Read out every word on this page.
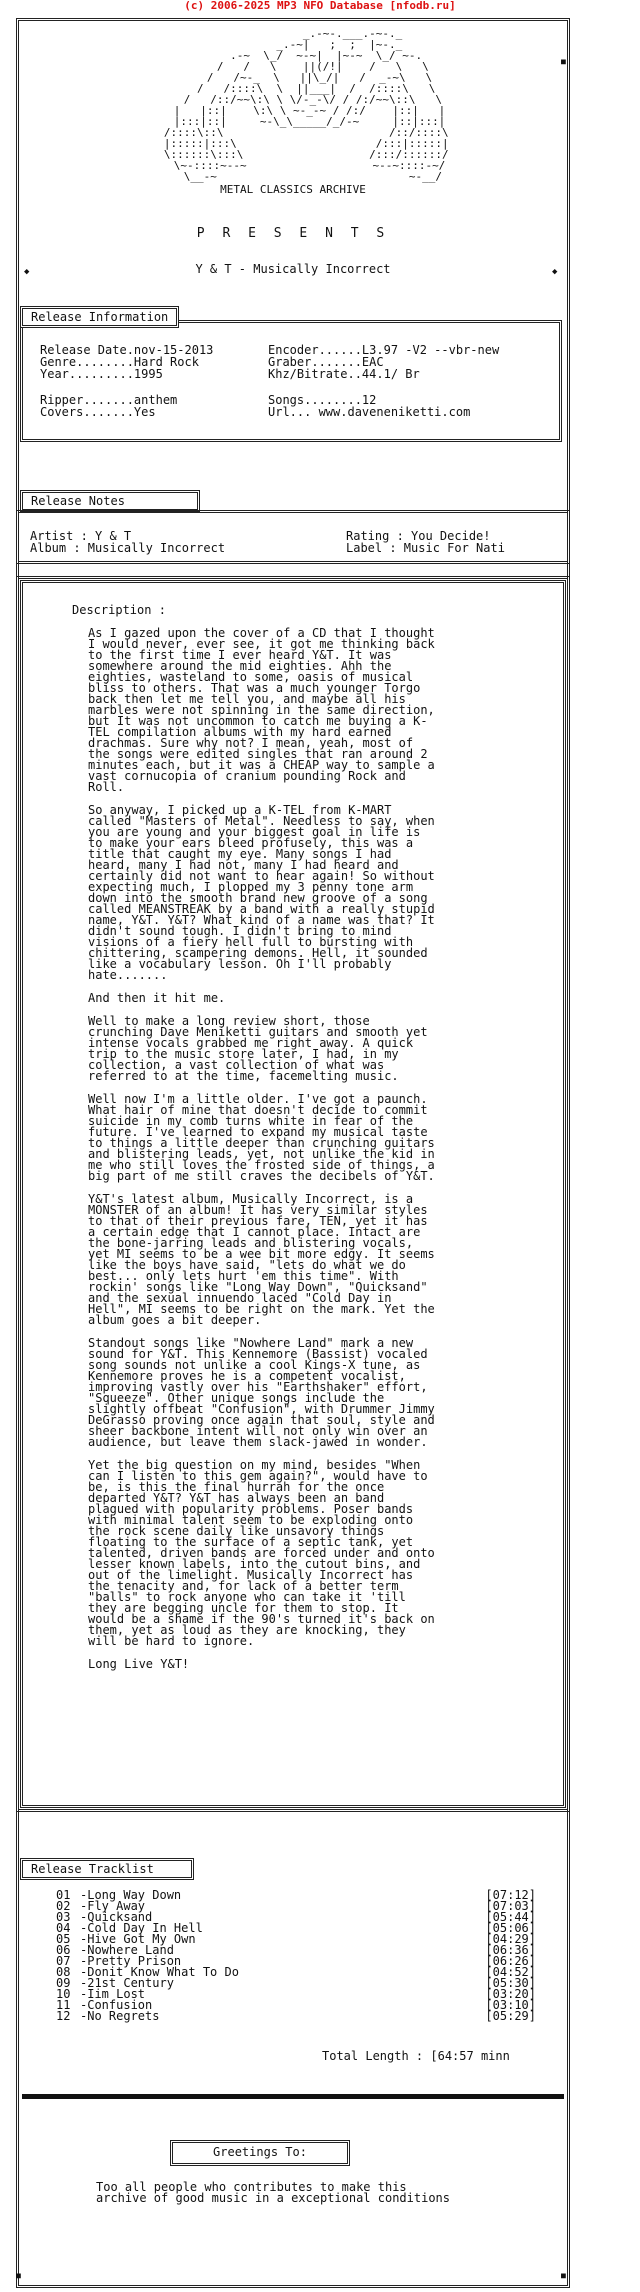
(c) 2006-2025 MP3 NFO Database [nfodb.ru]
_.-~-.___.-~-._
_.-~|   ;  ;  |~-._
.-~  \_/  ~-~|  |~-~  \_/ ~-.
/   /   \    ||(/!|    /   \   \
/   /~-_  \   ||\_/|   /  _-~\   \
/   /::::\  \  ||___|  /  /::::\   \
/   /::/~~\:\ \ \/-_-\/ / /:/~~\::\   \
|   |::|    \:\ \ ~-_-~ / /:/    |::|   |
|:::|::|     ~-\_\_____/_/-~     |::|:::|
/::::\::\                         /::/::::\
|:::::|:::\                     /:::|:::::|
\::::::\:::\                   /:::/::::::/
\~-::::~--~                   ~--~::::-~/
\__-~                             ~-__/
METAL CLASSICS ARCHIVE
P R E S E N T S
◆	Y & T - Musically Incorrect	◆
Release Information
Release Date.nov-15-2013
Genre........Hard Rock
Year.........1995
Ripper.......anthem
Covers.......Yes
Encoder......L3.97 -V2 --vbr-new
Graber.......EAC
Khz/Bitrate..44.1/ Br
Songs........12
Url... www.daveneniketti.com
Release Notes
Artist : Y & T
Album : Musically Incorrect
Rating : You Decide!
Label : Music For Nati
Description :
As I gazed upon the cover of a CD that I thought
I would never, ever see, it got me thinking back
to the first time I ever heard Y&T. It was
somewhere around the mid eighties. Ahh the
eighties, wasteland to some, oasis of musical
bliss to others. That was a much younger Torgo
back then let me tell you, and maybe all his
marbles were not spinning in the same direction,
but It was not uncommon to catch me buying a K-
TEL compilation albums with my hard earned
drachmas. Sure why not? I mean, yeah, most of
the songs were edited singles that ran around 2
minutes each, but it was a CHEAP way to sample a
vast cornucopia of cranium pounding Rock and
Roll.
So anyway, I picked up a K-TEL from K-MART
called "Masters of Metal". Needless to say, when
you are young and your biggest goal in life is
to make your ears bleed profusely, this was a
title that caught my eye. Many songs I had
heard, many I had not, many I had heard and
certainly did not want to hear again! So without
expecting much, I plopped my 3 penny tone arm
down into the smooth brand new groove of a song
called MEANSTREAK by a band with a really stupid
name, Y&T. Y&T? What kind of a name was that? It
didn't sound tough. I didn't bring to mind
visions of a fiery hell full to bursting with
chittering, scampering demons. Hell, it sounded
like a vocabulary lesson. Oh I'll probably
hate.......
And then it hit me.
Well to make a long review short, those
crunching Dave Meniketti guitars and smooth yet
intense vocals grabbed me right away. A quick
trip to the music store later, I had, in my
collection, a vast collection of what was
referred to at the time, facemelting music.
Well now I'm a little older. I've got a paunch.
What hair of mine that doesn't decide to commit
suicide in my comb turns white in fear of the
future. I've learned to expand my musical taste
to things a little deeper than crunching guitars
and blistering leads, yet, not unlike the kid in
me who still loves the frosted side of things, a
big part of me still craves the decibels of Y&T.
Y&T's latest album, Musically Incorrect, is a
MONSTER of an album! It has very similar styles
to that of their previous fare, TEN, yet it has
a certain edge that I cannot place. Intact are
the bone-jarring leads and blistering vocals,
yet MI seems to be a wee bit more edgy. It seems
like the boys have said, "lets do what we do
best... only lets hurt 'em this time". With
rockin' songs like "Long Way Down", "Quicksand"
and the sexual innuendo laced "Cold Day in
Hell", MI seems to be right on the mark. Yet the
album goes a bit deeper.
Standout songs like "Nowhere Land" mark a new
sound for Y&T. This Kennemore (Bassist) vocaled
song sounds not unlike a cool Kings-X tune, as
Kennemore proves he is a competent vocalist,
improving vastly over his "Earthshaker" effort,
"Squeeze". Other unique songs include the
slightly offbeat "Confusion", with Drummer Jimmy
DeGrasso proving once again that soul, style and
sheer backbone intent will not only win over an
audience, but leave them slack-jawed in wonder.
Yet the big question on my mind, besides "When
can I listen to this gem again?", would have to
be, is this the final hurrah for the once
departed Y&T? Y&T has always been an band
plagued with popularity problems. Poser bands
with minimal talent seem to be exploding onto
the rock scene daily like unsavory things
floating to the surface of a septic tank, yet
talented, driven bands are forced under and onto
lesser known labels, into the cutout bins, and
out of the limelight. Musically Incorrect has
the tenacity and, for lack of a better term
"balls" to rock anyone who can take it 'till
they are begging uncle for them to stop. It
would be a shame if the 90's turned it's back on
them, yet as loud as they are knocking, they
will be hard to ignore.
Long Live Y&T!
Release Tracklist
01 - Long Way Down	[07:12]
02 - Fly Away	[07:03]
03 - Quicksand	[05:44]
04 - Cold Day In Hell	[05:06]
05 - Hive Got My Own	[04:29]
06 - Nowhere Land	[06:36]
07 - Pretty Prison	[06:26]
08 - Donit Know What To Do	[04:52]
09 - 21st Century	[05:30]
10 - Iim Lost	[03:20]
11 - Confusion	[03:10]
12 - No Regrets	[05:29]
Total Length : [64:57 minn
Greetings To:
Too all people who contributes to make this
archive of good music in a exceptional conditions
■	■
■
